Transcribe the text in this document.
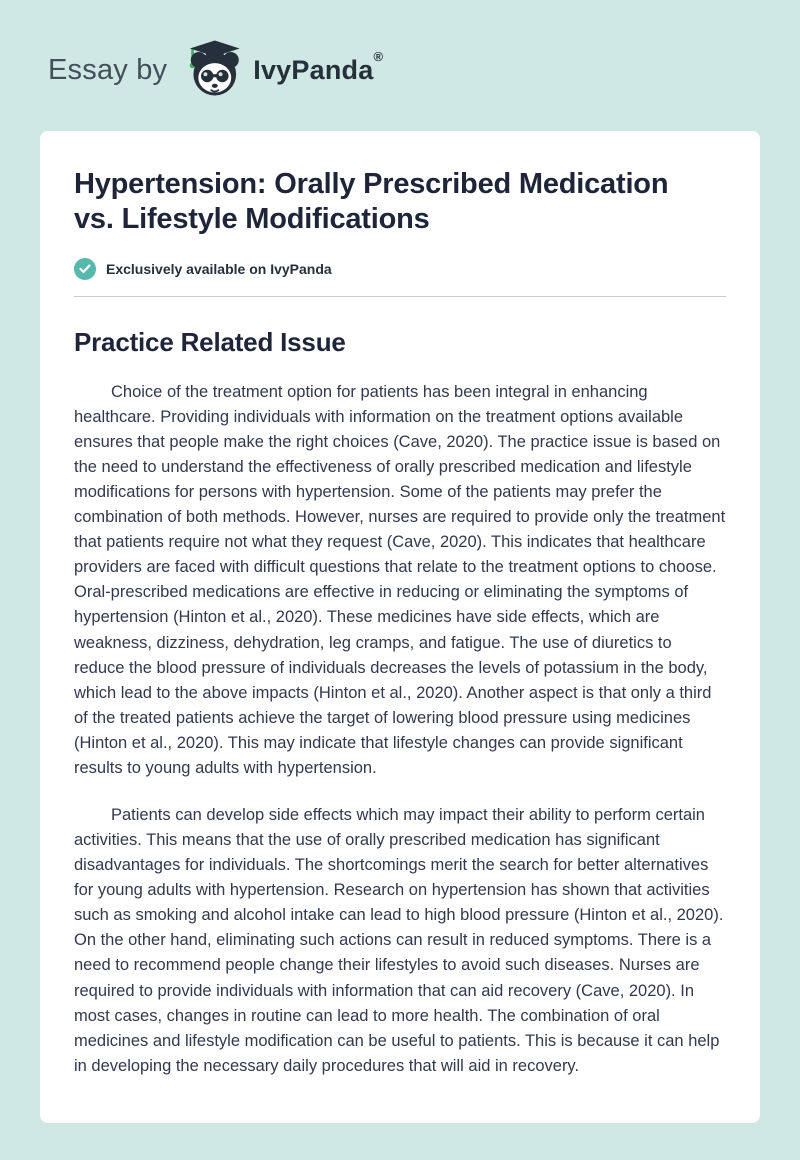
Essay by	IvyPanda®
Hypertension: Orally Prescribed Medication vs. Lifestyle Modifications
Exclusively available on IvyPanda
Practice Related Issue

Choice of the treatment option for patients has been integral in enhancing healthcare. Providing individuals with information on the treatment options available ensures that people make the right choices (Cave, 2020). The practice issue is based on the need to understand the effectiveness of orally prescribed medication and lifestyle modifications for persons with hypertension. Some of the patients may prefer the combination of both methods. However, nurses are required to provide only the treatment that patients require not what they request (Cave, 2020). This indicates that healthcare providers are faced with difficult questions that relate to the treatment options to choose. Oral-prescribed medications are effective in reducing or eliminating the symptoms of hypertension (Hinton et al., 2020). These medicines have side effects, which are weakness, dizziness, dehydration, leg cramps, and fatigue. The use of diuretics to reduce the blood pressure of individuals decreases the levels of potassium in the body, which lead to the above impacts (Hinton et al., 2020). Another aspect is that only a third of the treated patients achieve the target of lowering blood pressure using medicines (Hinton et al., 2020). This may indicate that lifestyle changes can provide significant results to young adults with hypertension.

Patients can develop side effects which may impact their ability to perform certain activities. This means that the use of orally prescribed medication has significant disadvantages for individuals. The shortcomings merit the search for better alternatives for young adults with hypertension. Research on hypertension has shown that activities such as smoking and alcohol intake can lead to high blood pressure (Hinton et al., 2020). On the other hand, eliminating such actions can result in reduced symptoms. There is a need to recommend people change their lifestyles to avoid such diseases. Nurses are required to provide individuals with information that can aid recovery (Cave, 2020). In most cases, changes in routine can lead to more health. The combination of oral medicines and lifestyle modification can be useful to patients. This is because it can help in developing the necessary daily procedures that will aid in recovery.
